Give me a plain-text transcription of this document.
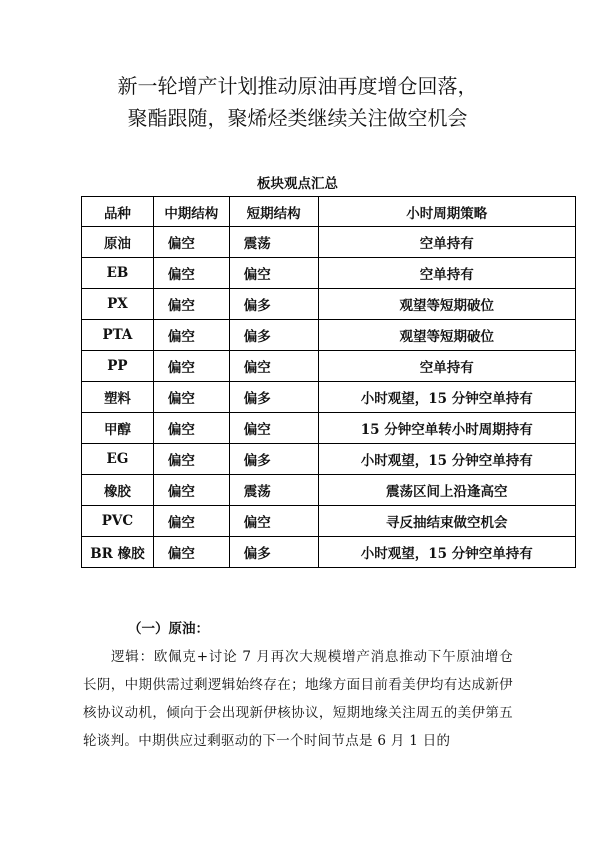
新一轮增产计划推动原油再度增仓回落，
聚酯跟随，聚烯烃类继续关注做空机会
板块观点汇总
品种	中期结构	短期结构	小时周期策略
原油	偏空	震荡	空单持有
EB	偏空	偏空	空单持有
PX	偏空	偏多	观望等短期破位
PTA	偏空	偏多	观望等短期破位
PP	偏空	偏空	空单持有
塑料	偏空	偏多	小时观望，15 分钟空单持有
甲醇	偏空	偏空	15 分钟空单转小时周期持有
EG	偏空	偏多	小时观望，15 分钟空单持有
橡胶	偏空	震荡	震荡区间上沿逢高空
PVC	偏空	偏空	寻反抽结束做空机会
BR 橡胶	偏空	偏多	小时观望，15 分钟空单持有
（一）原油：
逻辑：欧佩克+讨论 7 月再次大规模增产消息推动下午原油增仓长阴，中期供需过剩逻辑始终存在；地缘方面目前看美伊均有达成新伊核协议动机，倾向于会出现新伊核协议，短期地缘关注周五的美伊第五轮谈判。中期供应过剩驱动的下一个时间节点是 6 月 1 日的
